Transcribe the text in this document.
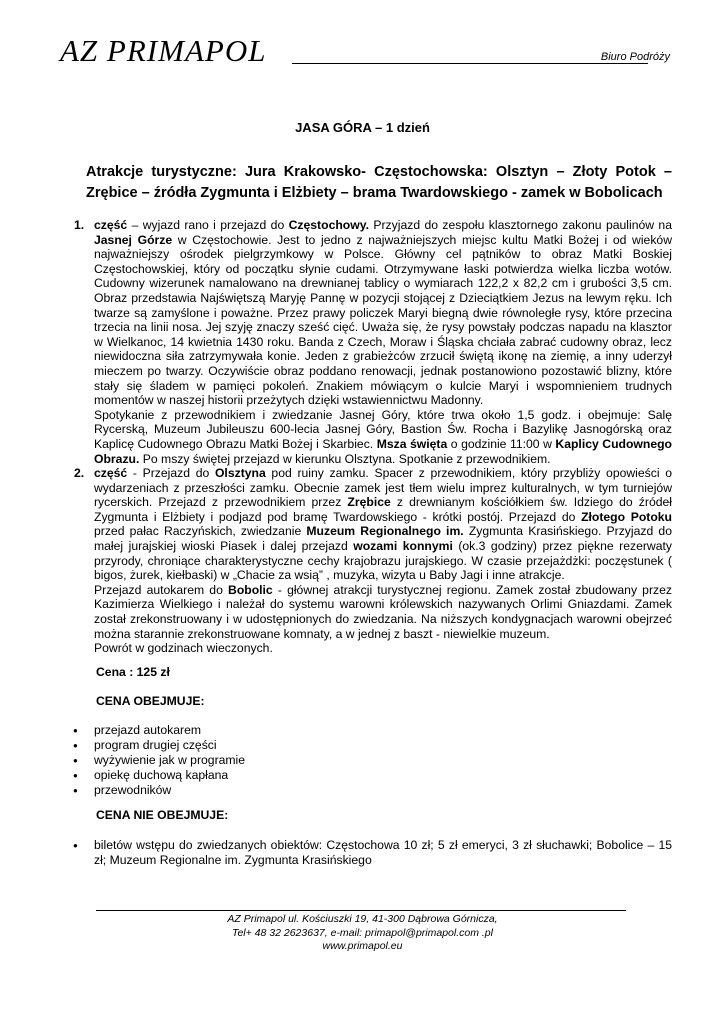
AZ PRIMAPOL	Biuro Podróży
JASA GÓRA – 1 dzień
Atrakcje turystyczne: Jura Krakowsko- Częstochowska: Olsztyn – Złoty Potok – Zrębice – źródła Zygmunta i Elżbiety – brama Twardowskiego - zamek w Bobolicach
1. część – wyjazd rano i przejazd do Częstochowy. Przyjazd do zespołu klasztornego zakonu paulinów na Jasnej Górze w Częstochowie. Jest to jedno z najważniejszych miejsc kultu Matki Bożej i od wieków najważniejszy ośrodek pielgrzymkowy w Polsce. Główny cel pątników to obraz Matki Boskiej Częstochowskiej, który od początku słynie cudami. Otrzymywane łaski potwierdza wielka liczba wotów. Cudowny wizerunek namalowano na drewnianej tablicy o wymiarach 122,2 x 82,2 cm i grubości 3,5 cm. Obraz przedstawia Najświętszą Maryję Pannę w pozycji stojącej z Dzieciątkiem Jezus na lewym ręku. Ich twarze są zamyślone i poważne. Przez prawy policzek Maryi biegną dwie równoległe rysy, które przecina trzecia na linii nosa. Jej szyję znaczy sześć cięć. Uważa się, że rysy powstały podczas napadu na klasztor w Wielkanoc, 14 kwietnia 1430 roku. Banda z Czech, Moraw i Śląska chciała zabrać cudowny obraz, lecz niewidoczna siła zatrzymywała konie. Jeden z grabieżców zrzucił świętą ikonę na ziemię, a inny uderzył mieczem po twarzy. Oczywiście obraz poddano renowacji, jednak postanowiono pozostawić blizny, które stały się śladem w pamięci pokoleń. Znakiem mówiącym o kulcie Maryi i wspomnieniem trudnych momentów w naszej historii przeżytych dzięki wstawiennictwu Madonny.

Spotykanie z przewodnikiem i zwiedzanie Jasnej Góry, które trwa około 1,5 godz. i obejmuje: Salę Rycerską, Muzeum Jubileuszu 600-lecia Jasnej Góry, Bastion Św. Rocha i Bazylikę Jasnogórską oraz Kaplicę Cudownego Obrazu Matki Bożej i Skarbiec. Msza święta o godzinie 11:00 w Kaplicy Cudownego Obrazu. Po mszy świętej przejazd w kierunku Olsztyna. Spotkanie z przewodnikiem.

2. część - Przejazd do Olsztyna pod ruiny zamku. Spacer z przewodnikiem, który przybliży opowieści o wydarzeniach z przeszłości zamku. Obecnie zamek jest tłem wielu imprez kulturalnych, w tym turniejów rycerskich. Przejazd z przewodnikiem przez Zrębice z drewnianym kościółkiem św. Idziego do źródeł Zygmunta i Elżbiety i podjazd pod bramę Twardowskiego - krótki postój. Przejazd do Złotego Potoku przed pałac Raczyńskich, zwiedzanie Muzeum Regionalnego im. Zygmunta Krasińskiego. Przyjazd do małej jurajskiej wioski Piasek i dalej przejazd wozami konnymi (ok.3 godziny) przez piękne rezerwaty przyrody, chroniące charakterystyczne cechy krajobrazu jurajskiego. W czasie przejażdżki: poczęstunek ( bigos, żurek, kiełbaski) w „Chacie za wsią” , muzyka, wizyta u Baby Jagi i inne atrakcje.

Przejazd autokarem do Bobolic - głównej atrakcji turystycznej regionu. Zamek został zbudowany przez Kazimierza Wielkiego i należał do systemu warowni królewskich nazywanych Orlimi Gniazdami. Zamek został zrekonstruowany i w udostępnionych do zwiedzania. Na niższych kondygnacjach warowni obejrzeć można starannie zrekonstruowane komnaty, a w jednej z baszt - niewielkie muzeum.

Powrót w godzinach wieczonych.

Cena : 125 zł
CENA OBEJMUJE:
● przejazd autokarem
● program drugiej części
● wyżywienie jak w programie
● opiekę duchową kapłana
● przewodników
CENA NIE OBEJMUJE:
● biletów wstępu do zwiedzanych obiektów: Częstochowa 10 zł; 5 zł emeryci, 3 zł słuchawki; Bobolice – 15 zł; Muzeum Regionalne im. Zygmunta Krasińskiego
AZ Primapol ul. Kościuszki 19, 41-300 Dąbrowa Górnicza,
Tel+ 48 32 2623637, e-mail: primapol@primapol.com .pl
www.primapol.eu
